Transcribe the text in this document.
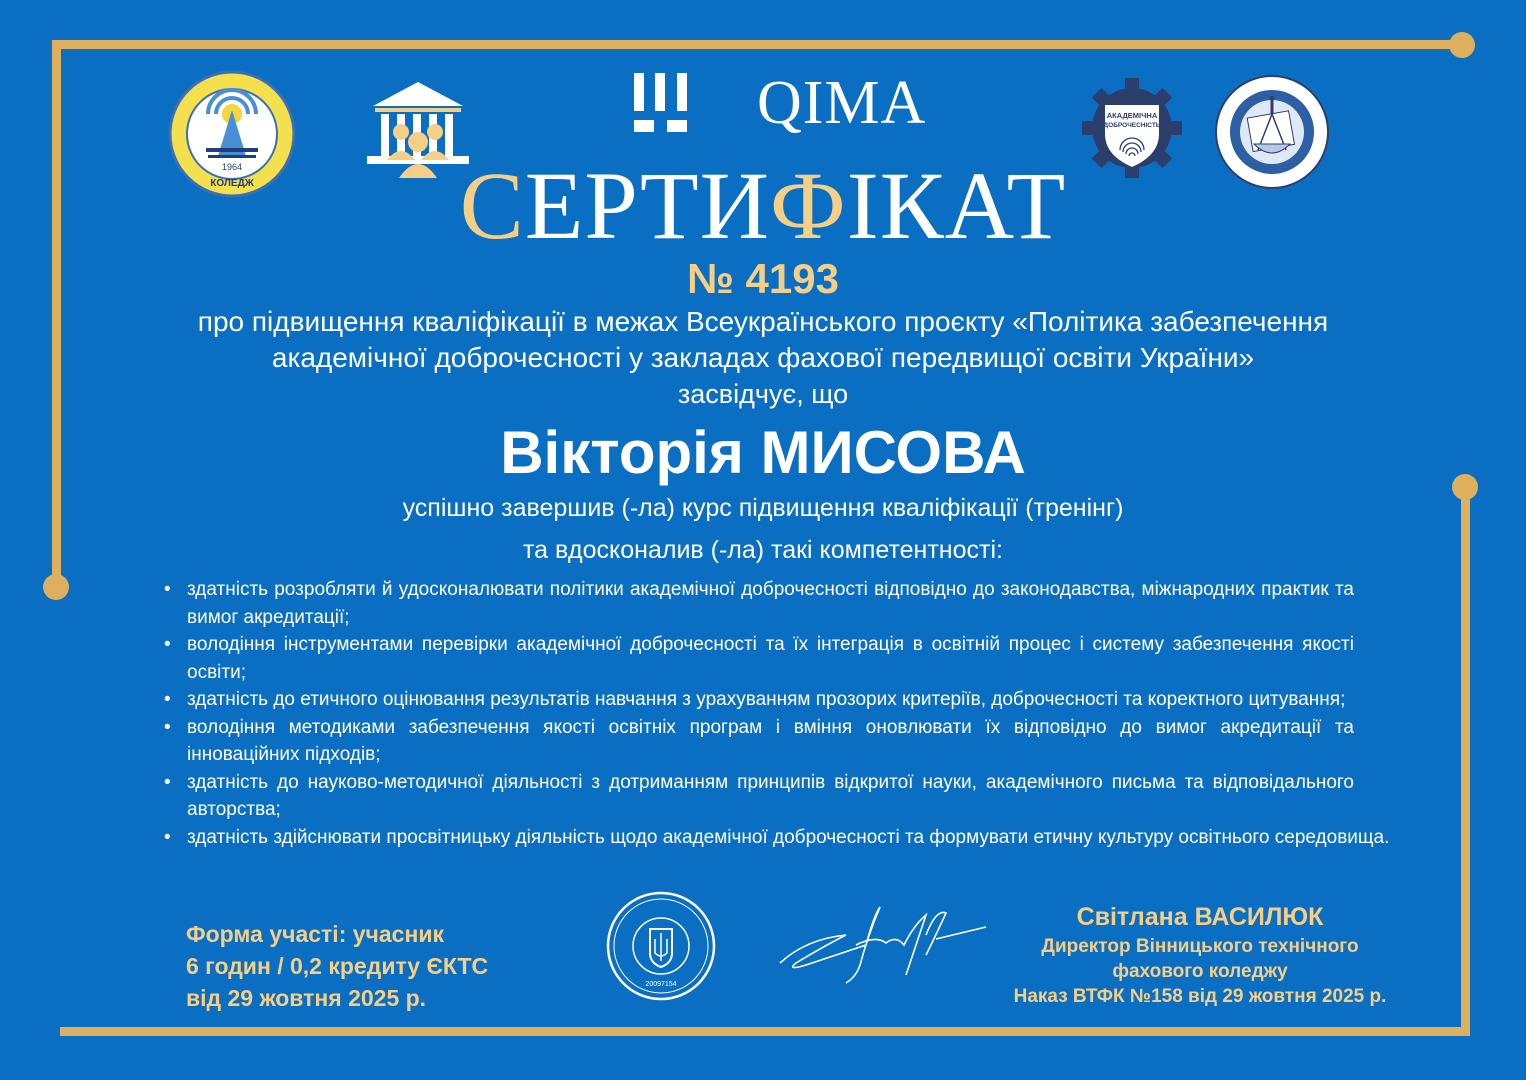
1964
КОЛЕДЖ
QIMA	АКАДЕМІЧНА
ДОБРОЧЕСНІСТЬ
СЕРТИФІКАТ
№ 4193
про підвищення кваліфікації в межах Всеукраїнського проєкту «Політика забезпечення
академічної доброчесності у закладах фахової передвищої освіти України»
засвідчує, що
Вікторія МИСОВА
успішно завершив (-ла) курс підвищення кваліфікації (тренінг)
та вдосконалив (-ла) такі компетентності:
• здатність розробляти й удосконалювати політики академічної доброчесності відповідно до законодавства, міжнародних практик та вимог акредитації;
• володіння інструментами перевірки академічної доброчесності та їх інтеграція в освітній процес і систему забезпечення якості освіти;
• здатність до етичного оцінювання результатів навчання з урахуванням прозорих критеріїв, доброчесності та коректного цитування;
• володіння методиками забезпечення якості освітніх програм і вміння оновлювати їх відповідно до вимог акредитації та інноваційних підходів;
• здатність до науково-методичної діяльності з дотриманням принципів відкритої науки, академічного письма та відповідального авторства;
• здатність здійснювати просвітницьку діяльність щодо академічної доброчесності та формувати етичну культуру освітнього середовища.
Форма участі: учасник
6 годин / 0,2 кредиту ЄКТС
від 29 жовтня 2025 р.
20097154
Світлана ВАСИЛЮК
Директор Вінницького технічного
фахового коледжу
Наказ ВТФК №158 від 29 жовтня 2025 р.
